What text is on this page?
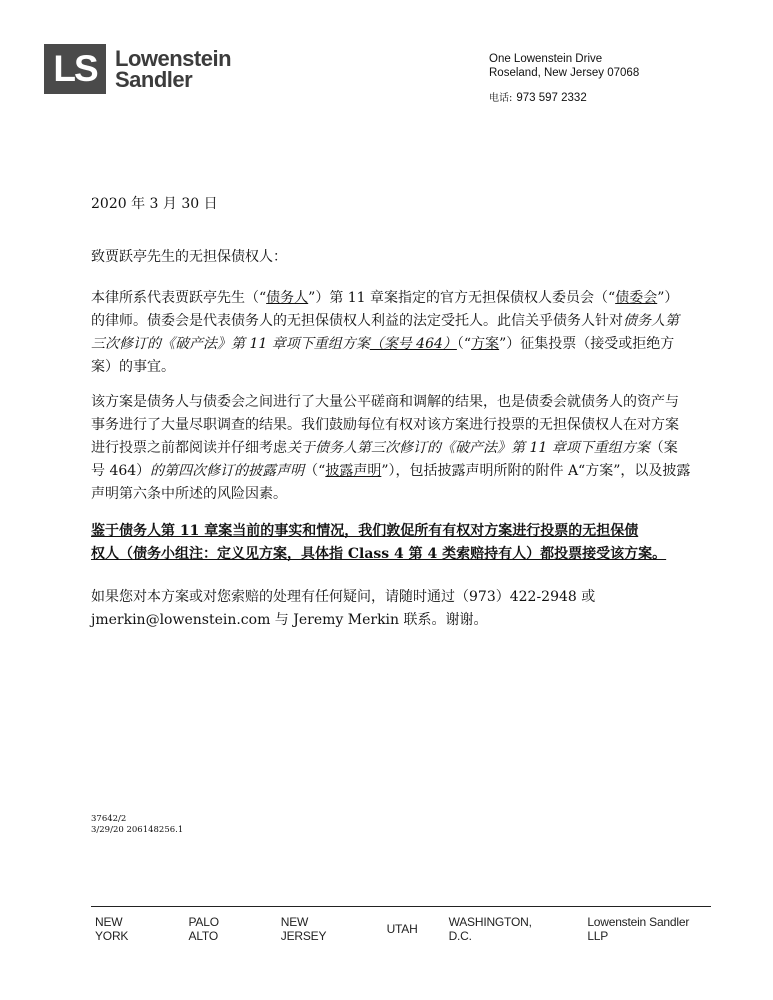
LS Lowenstein
Sandler
One Lowenstein Drive
Roseland, New Jersey 07068
电话: 973 597 2332

2020 年 3 月 30 日

致贾跃亭先生的无担保债权人：

本律所系代表贾跃亭先生（“债务人”）第 11 章案指定的官方无担保债权人委员会（“债委会”）的律师。债委会是代表债务人的无担保债权人利益的法定受托人。此信关乎债务人针对债务人第三次修订的《破产法》第 11 章项下重组方案（案号 464）（“方案”）征集投票（接受或拒绝方案）的事宜。

该方案是债务人与债委会之间进行了大量公平磋商和调解的结果，也是债委会就债务人的资产与事务进行了大量尽职调查的结果。我们鼓励每位有权对该方案进行投票的无担保债权人在对方案进行投票之前都阅读并仔细考虑关于债务人第三次修订的《破产法》第 11 章项下重组方案（案号 464）的第四次修订的披露声明（“披露声明”），包括披露声明所附的附件 A“方案”，以及披露声明第六条中所述的风险因素。

鉴于债务人第 11 章案当前的事实和情况，我们敦促所有有权对方案进行投票的无担保债
权人（债务小组注：定义见方案，具体指 Class 4 第 4 类索赔持有人）都投票接受该方案。

如果您对本方案或对您索赔的处理有任何疑问，请随时通过（973）422-2948 或 jmerkin@lowenstein.com 与 Jeremy Merkin 联系。谢谢。

37642/2
3/29/20 206148256.1
NEW YORK
PALO ALTO
NEW JERSEY	UTAH	WASHINGTON, D.C.
Lowenstein Sandler LLP
